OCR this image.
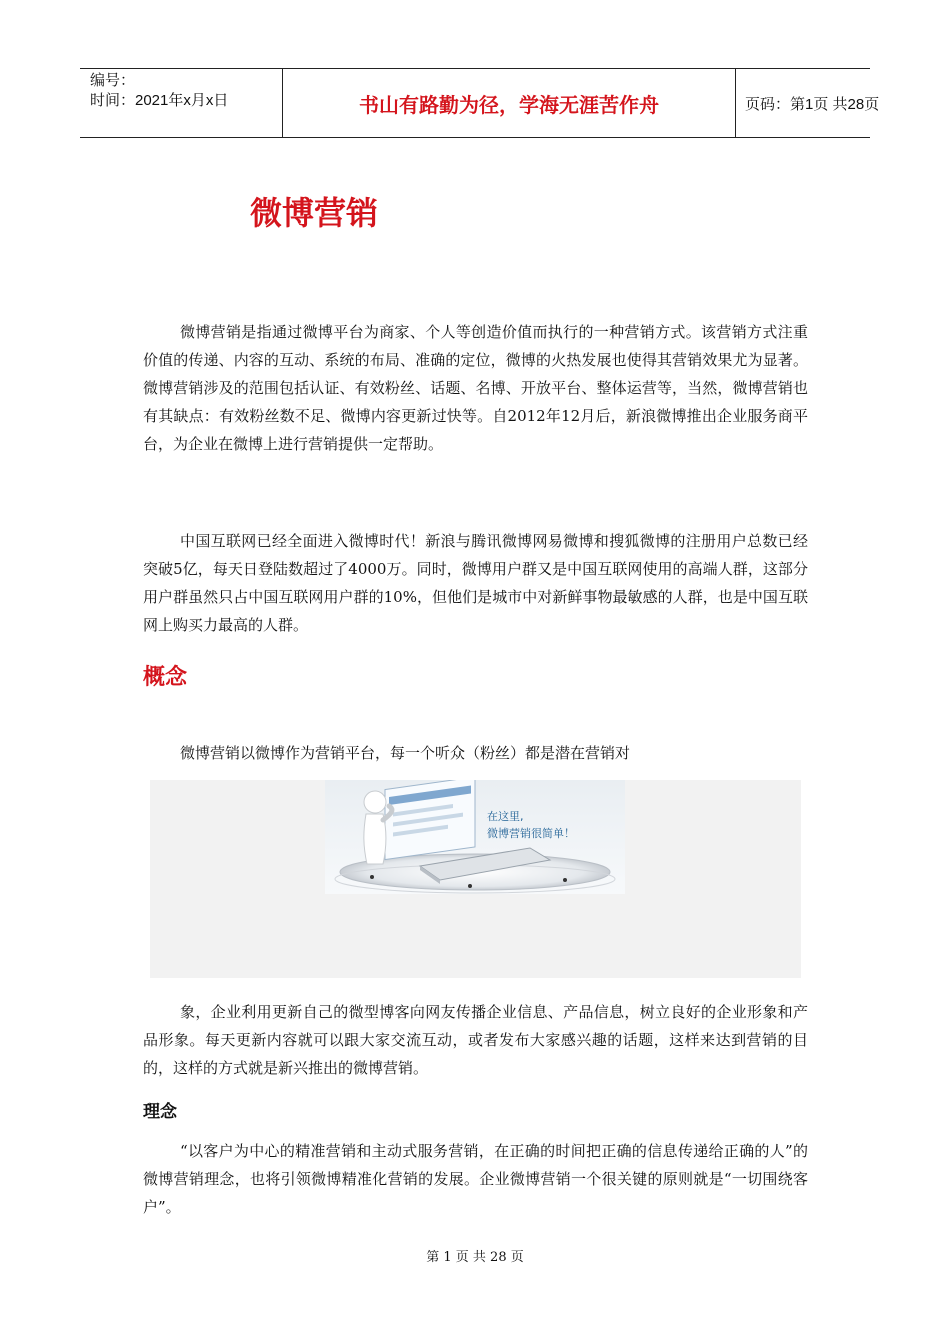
编号：
时间：2021年x月x日	书山有路勤为径，学海无涯苦作舟	页码：第1页 共28页
微博营销

微博营销是指通过微博平台为商家、个人等创造价值而执行的一种营销方式。该营销方式注重价值的传递、内容的互动、系统的布局、准确的定位，微博的火热发展也使得其营销效果尤为显著。微博营销涉及的范围包括认证、有效粉丝、话题、名博、开放平台、整体运营等，当然，微博营销也有其缺点：有效粉丝数不足、微博内容更新过快等。自2012年12月后，新浪微博推出企业服务商平台，为企业在微博上进行营销提供一定帮助。

中国互联网已经全面进入微博时代！新浪与腾讯微博网易微博和搜狐微博的注册用户总数已经突破5亿，每天日登陆数超过了4000万。同时，微博用户群又是中国互联网使用的高端人群，这部分用户群虽然只占中国互联网用户群的10%，但他们是城市中对新鲜事物最敏感的人群，也是中国互联网上购买力最高的人群。

概念

微博营销以微博作为营销平台，每一个听众（粉丝）都是潜在营销对

在这里,
微博营销很简单！

象，企业利用更新自己的微型博客向网友传播企业信息、产品信息，树立良好的企业形象和产品形象。每天更新内容就可以跟大家交流互动，或者发布大家感兴趣的话题，这样来达到营销的目的，这样的方式就是新兴推出的微博营销。

理念

“以客户为中心的精准营销和主动式服务营销，在正确的时间把正确的信息传递给正确的人”的微博营销理念，也将引领微博精准化营销的发展。企业微博营销一个很关键的原则就是“一切围绕客户”。

第 1 页 共 28 页
